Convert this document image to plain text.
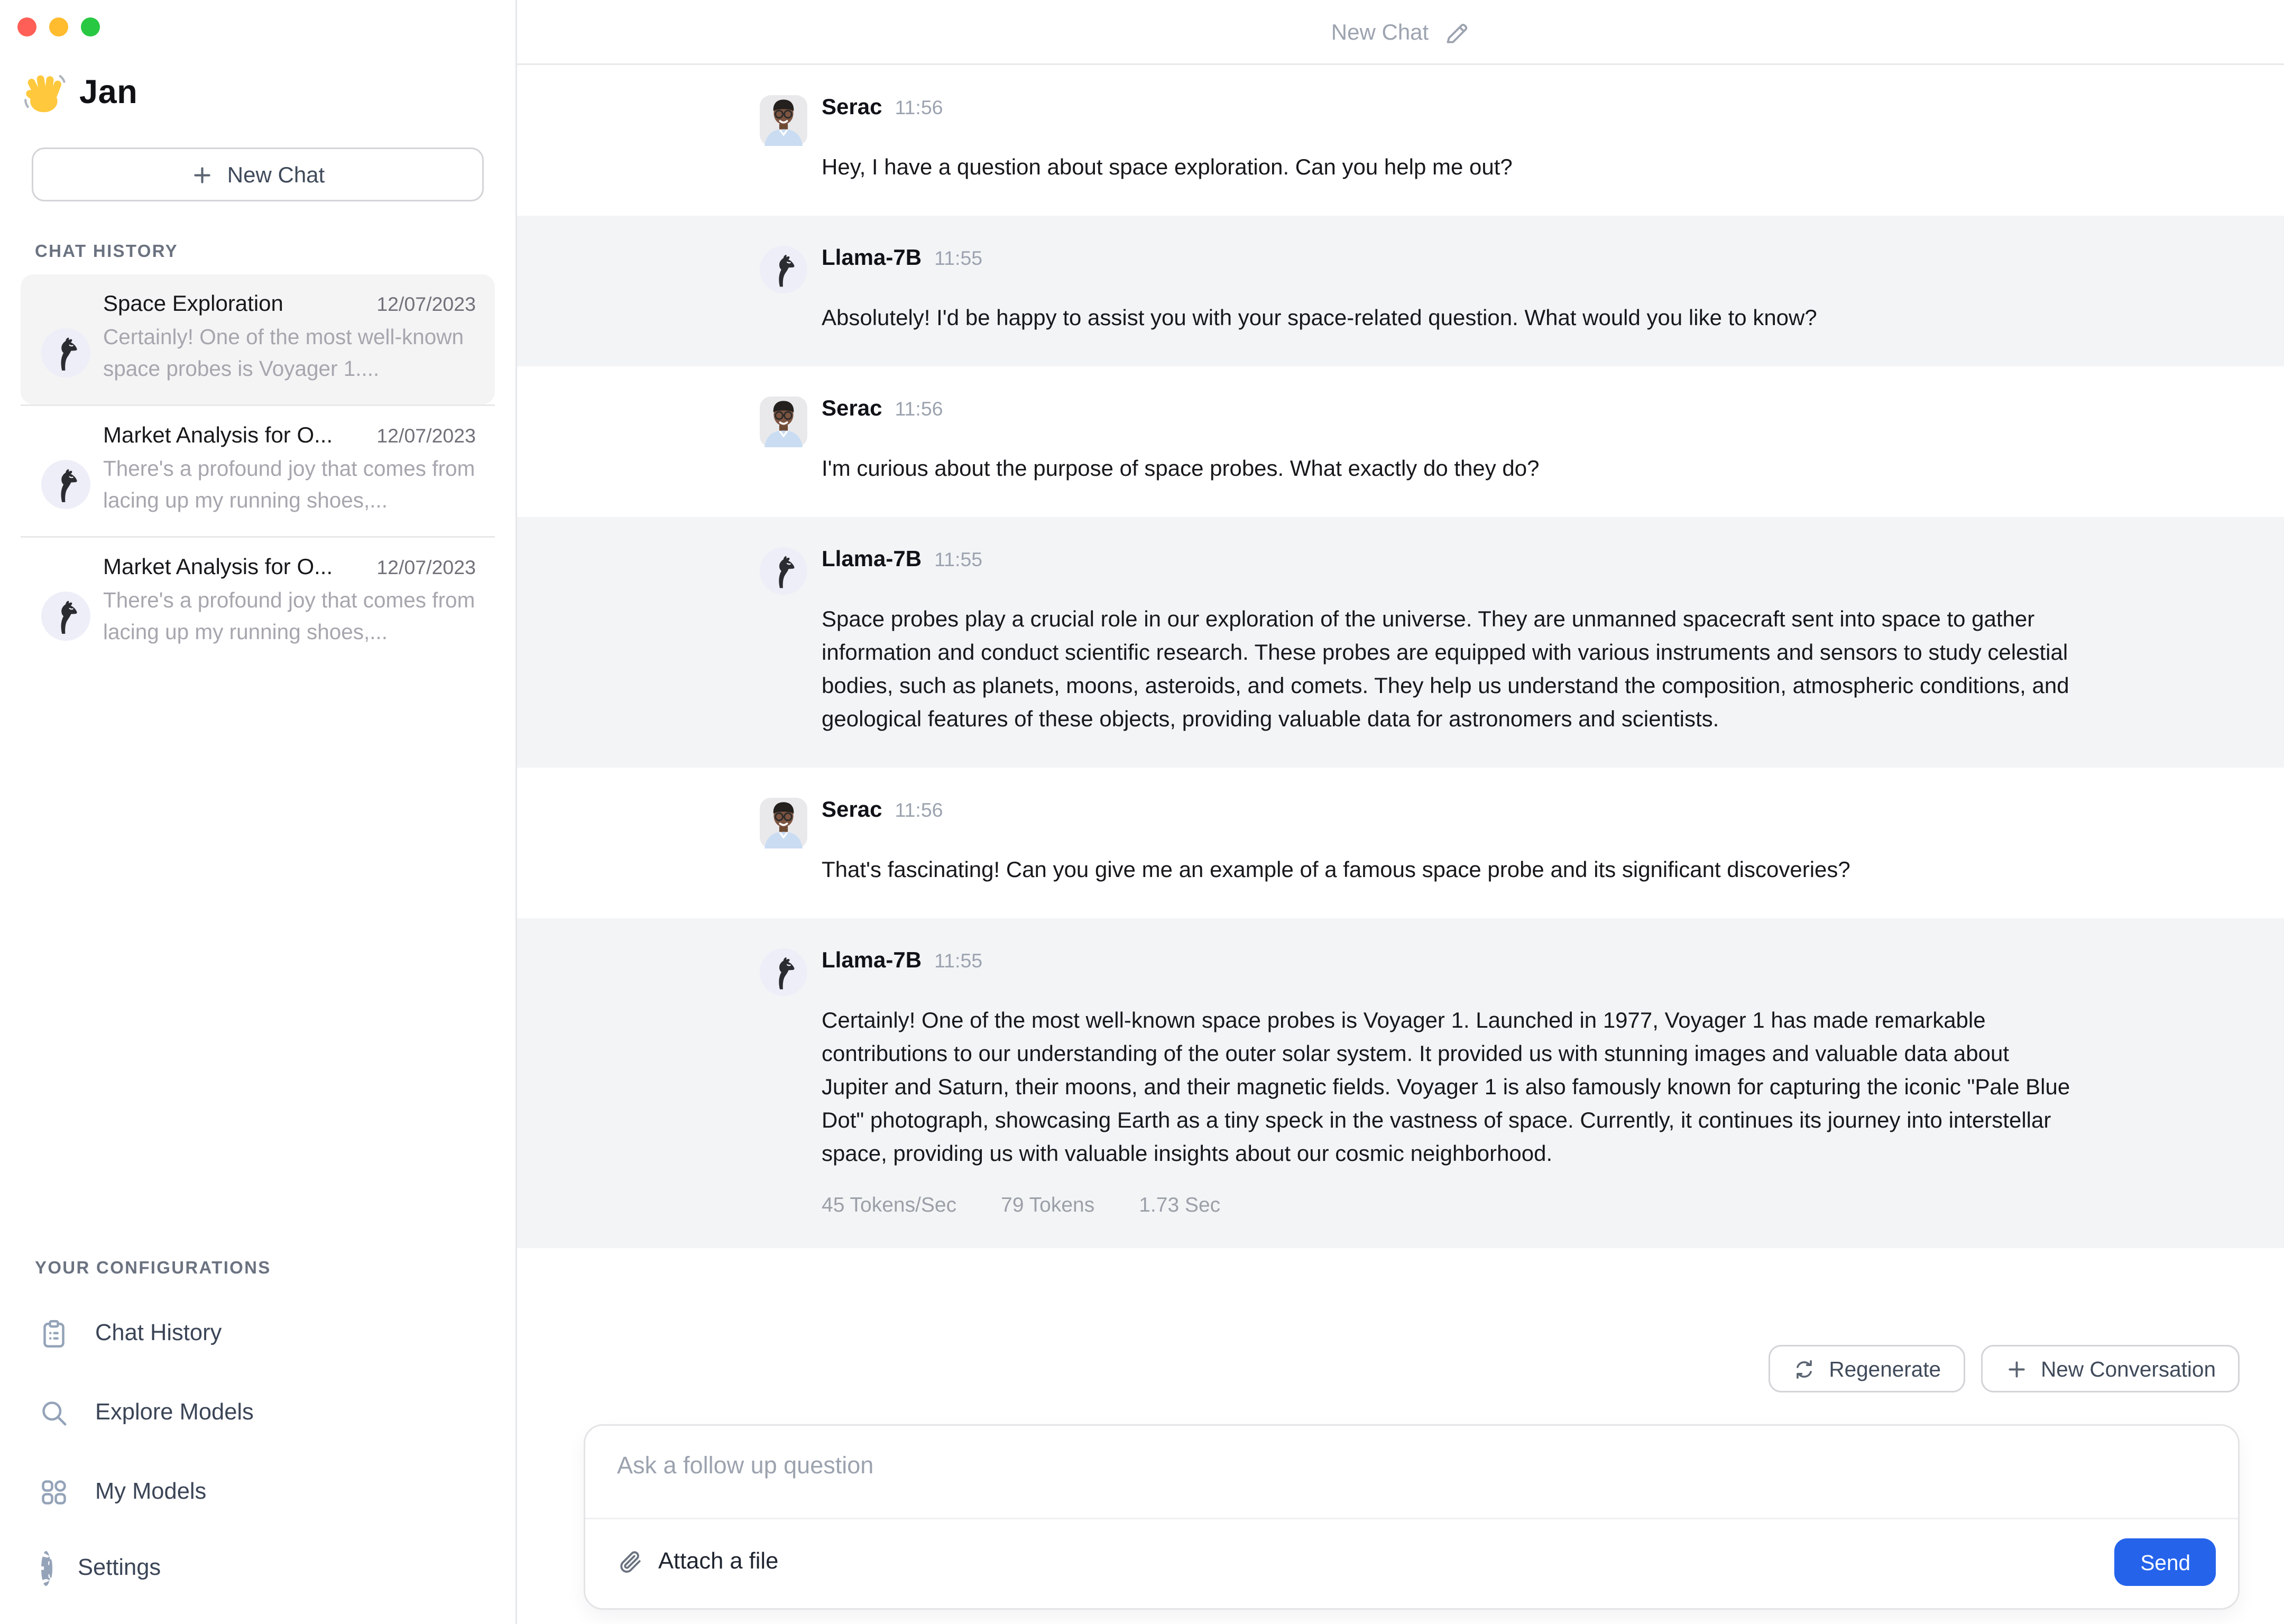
Jan
New Chat
CHAT HISTORY
Space Exploration	12/07/2023
Certainly! One of the most well-known space probes is Voyager 1....
Market Analysis for O...	12/07/2023
There's a profound joy that comes from lacing up my running shoes,...
Market Analysis for O...	12/07/2023
There's a profound joy that comes from lacing up my running shoes,...
YOUR CONFIGURATIONS
Chat History
Explore Models
My Models
Settings
New Chat
Serac 11:56
Hey, I have a question about space exploration. Can you help me out?
Llama-7B 11:55
Absolutely! I'd be happy to assist you with your space-related question. What would you like to know?
Serac 11:56
I'm curious about the purpose of space probes. What exactly do they do?
Llama-7B 11:55
Space probes play a crucial role in our exploration of the universe. They are unmanned spacecraft sent into space to gather information and conduct scientific research. These probes are equipped with various instruments and sensors to study celestial bodies, such as planets, moons, asteroids, and comets. They help us understand the composition, atmospheric conditions, and geological features of these objects, providing valuable data for astronomers and scientists.
Serac 11:56
That's fascinating! Can you give me an example of a famous space probe and its significant discoveries?
Llama-7B 11:55
Certainly! One of the most well-known space probes is Voyager 1. Launched in 1977, Voyager 1 has made remarkable contributions to our understanding of the outer solar system. It provided us with stunning images and valuable data about Jupiter and Saturn, their moons, and their magnetic fields. Voyager 1 is also famously known for capturing the iconic "Pale Blue Dot" photograph, showcasing Earth as a tiny speck in the vastness of space. Currently, it continues its journey into interstellar space, providing us with valuable insights about our cosmic neighborhood.
45 Tokens/Sec	79 Tokens	1.73 Sec
Regenerate	New Conversation
Ask a follow up question
Attach a file	Send
